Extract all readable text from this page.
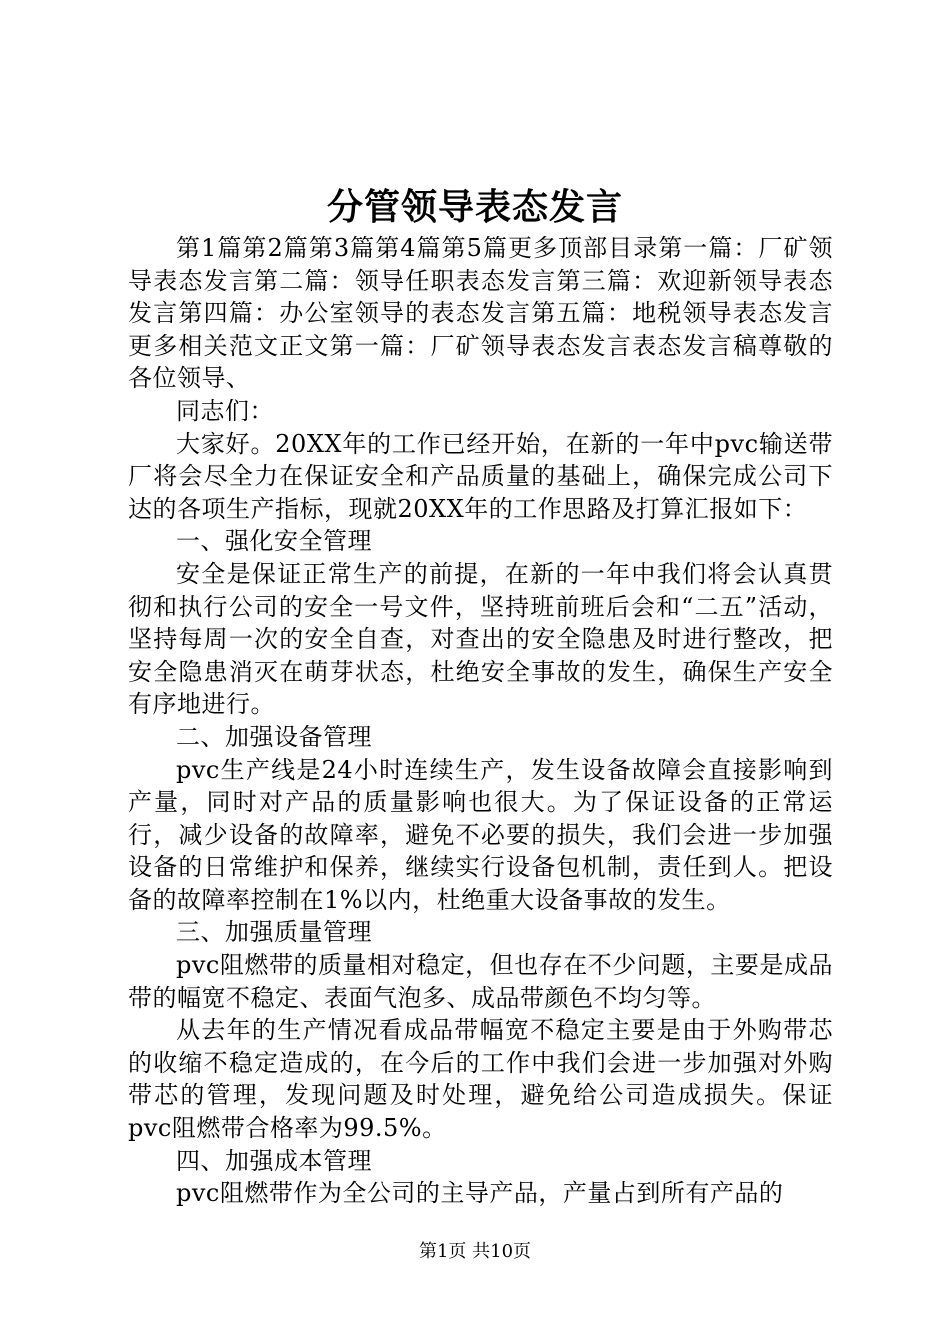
分管领导表态发言

第1篇第2篇第3篇第4篇第5篇更多顶部目录第一篇：厂矿领导表态发言第二篇：领导任职表态发言第三篇：欢迎新领导表态发言第四篇：办公室领导的表态发言第五篇：地税领导表态发言更多相关范文正文第一篇：厂矿领导表态发言表态发言稿尊敬的各位领导、

同志们：

大家好。20XX年的工作已经开始，在新的一年中pvc输送带厂将会尽全力在保证安全和产品质量的基础上，确保完成公司下达的各项生产指标，现就20XX年的工作思路及打算汇报如下：

一、强化安全管理

安全是保证正常生产的前提，在新的一年中我们将会认真贯彻和执行公司的安全一号文件，坚持班前班后会和“二五”活动，坚持每周一次的安全自查，对查出的安全隐患及时进行整改，把安全隐患消灭在萌芽状态，杜绝安全事故的发生，确保生产安全有序地进行。

二、加强设备管理

pvc生产线是24小时连续生产，发生设备故障会直接影响到产量，同时对产品的质量影响也很大。为了保证设备的正常运行，减少设备的故障率，避免不必要的损失，我们会进一步加强设备的日常维护和保养，继续实行设备包机制，责任到人。把设备的故障率控制在1%以内，杜绝重大设备事故的发生。

三、加强质量管理

pvc阻燃带的质量相对稳定，但也存在不少问题，主要是成品带的幅宽不稳定、表面气泡多、成品带颜色不均匀等。

从去年的生产情况看成品带幅宽不稳定主要是由于外购带芯的收缩不稳定造成的，在今后的工作中我们会进一步加强对外购带芯的管理，发现问题及时处理，避免给公司造成损失。保证pvc阻燃带合格率为99.5%。

四、加强成本管理

pvc阻燃带作为全公司的主导产品，产量占到所有产品的

第1页 共10页
